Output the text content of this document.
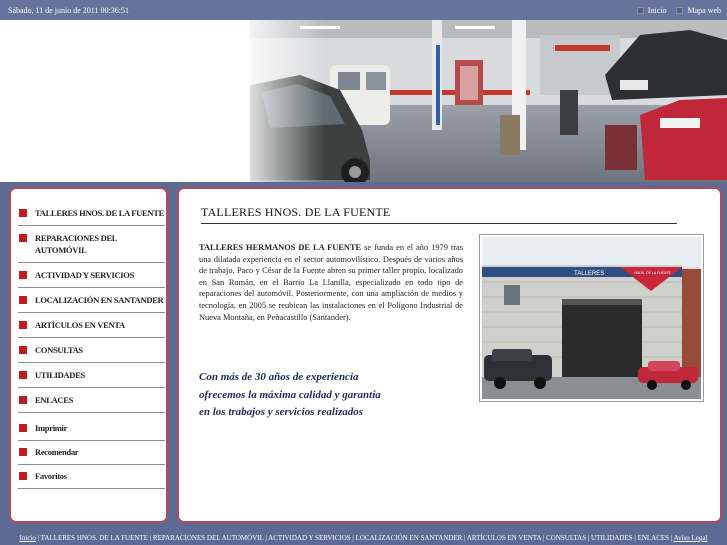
Sábado, 11 de junio de 2011 00:36:51	Inicio	Mapa web
TALLERES HNOS. DE LA FUENTE
REPARACIONES DEL AUTOMÓVIL
ACTIVIDAD Y SERVICIOS
LOCALIZACIÓN EN SANTANDER
ARTÍCULOS EN VENTA
CONSULTAS
UTILIDADES
ENLACES
Imprimir
Recomendar
Favoritos
TALLERES HNOS. DE LA FUENTE

TALLERES HERMANOS DE LA FUENTE se funda en el año 1979 tras una dilatada experiencia en el sector automovilístico. Después de varios años de trabajo, Paco y César de la Fuente abren su primer taller propio, localizado en San Román, en el Barrio La Llanilla, especializado en todo tipo de reparaciones del automóvil. Posteriormente, con una ampliación de medios y tecnología, en 2005 se reubican las instalaciones en el Polígono Industrial de Nueva Montaña, en Peñacastillo (Santander).

Con más de 30 años de experiencia
ofrecemos la máxima calidad y garantía
en los trabajos y servicios realizados
TALLERES	HNOS. DE LA FUENTE
Inicio | TALLERES HNOS. DE LA FUENTE | REPARACIONES DEL AUTOMÓVIL | ACTIVIDAD Y SERVICIOS | LOCALIZACIÓN EN SANTANDER | ARTÍCULOS EN VENTA | CONSULTAS | UTILIDADES | ENLACES | Aviso Legal
